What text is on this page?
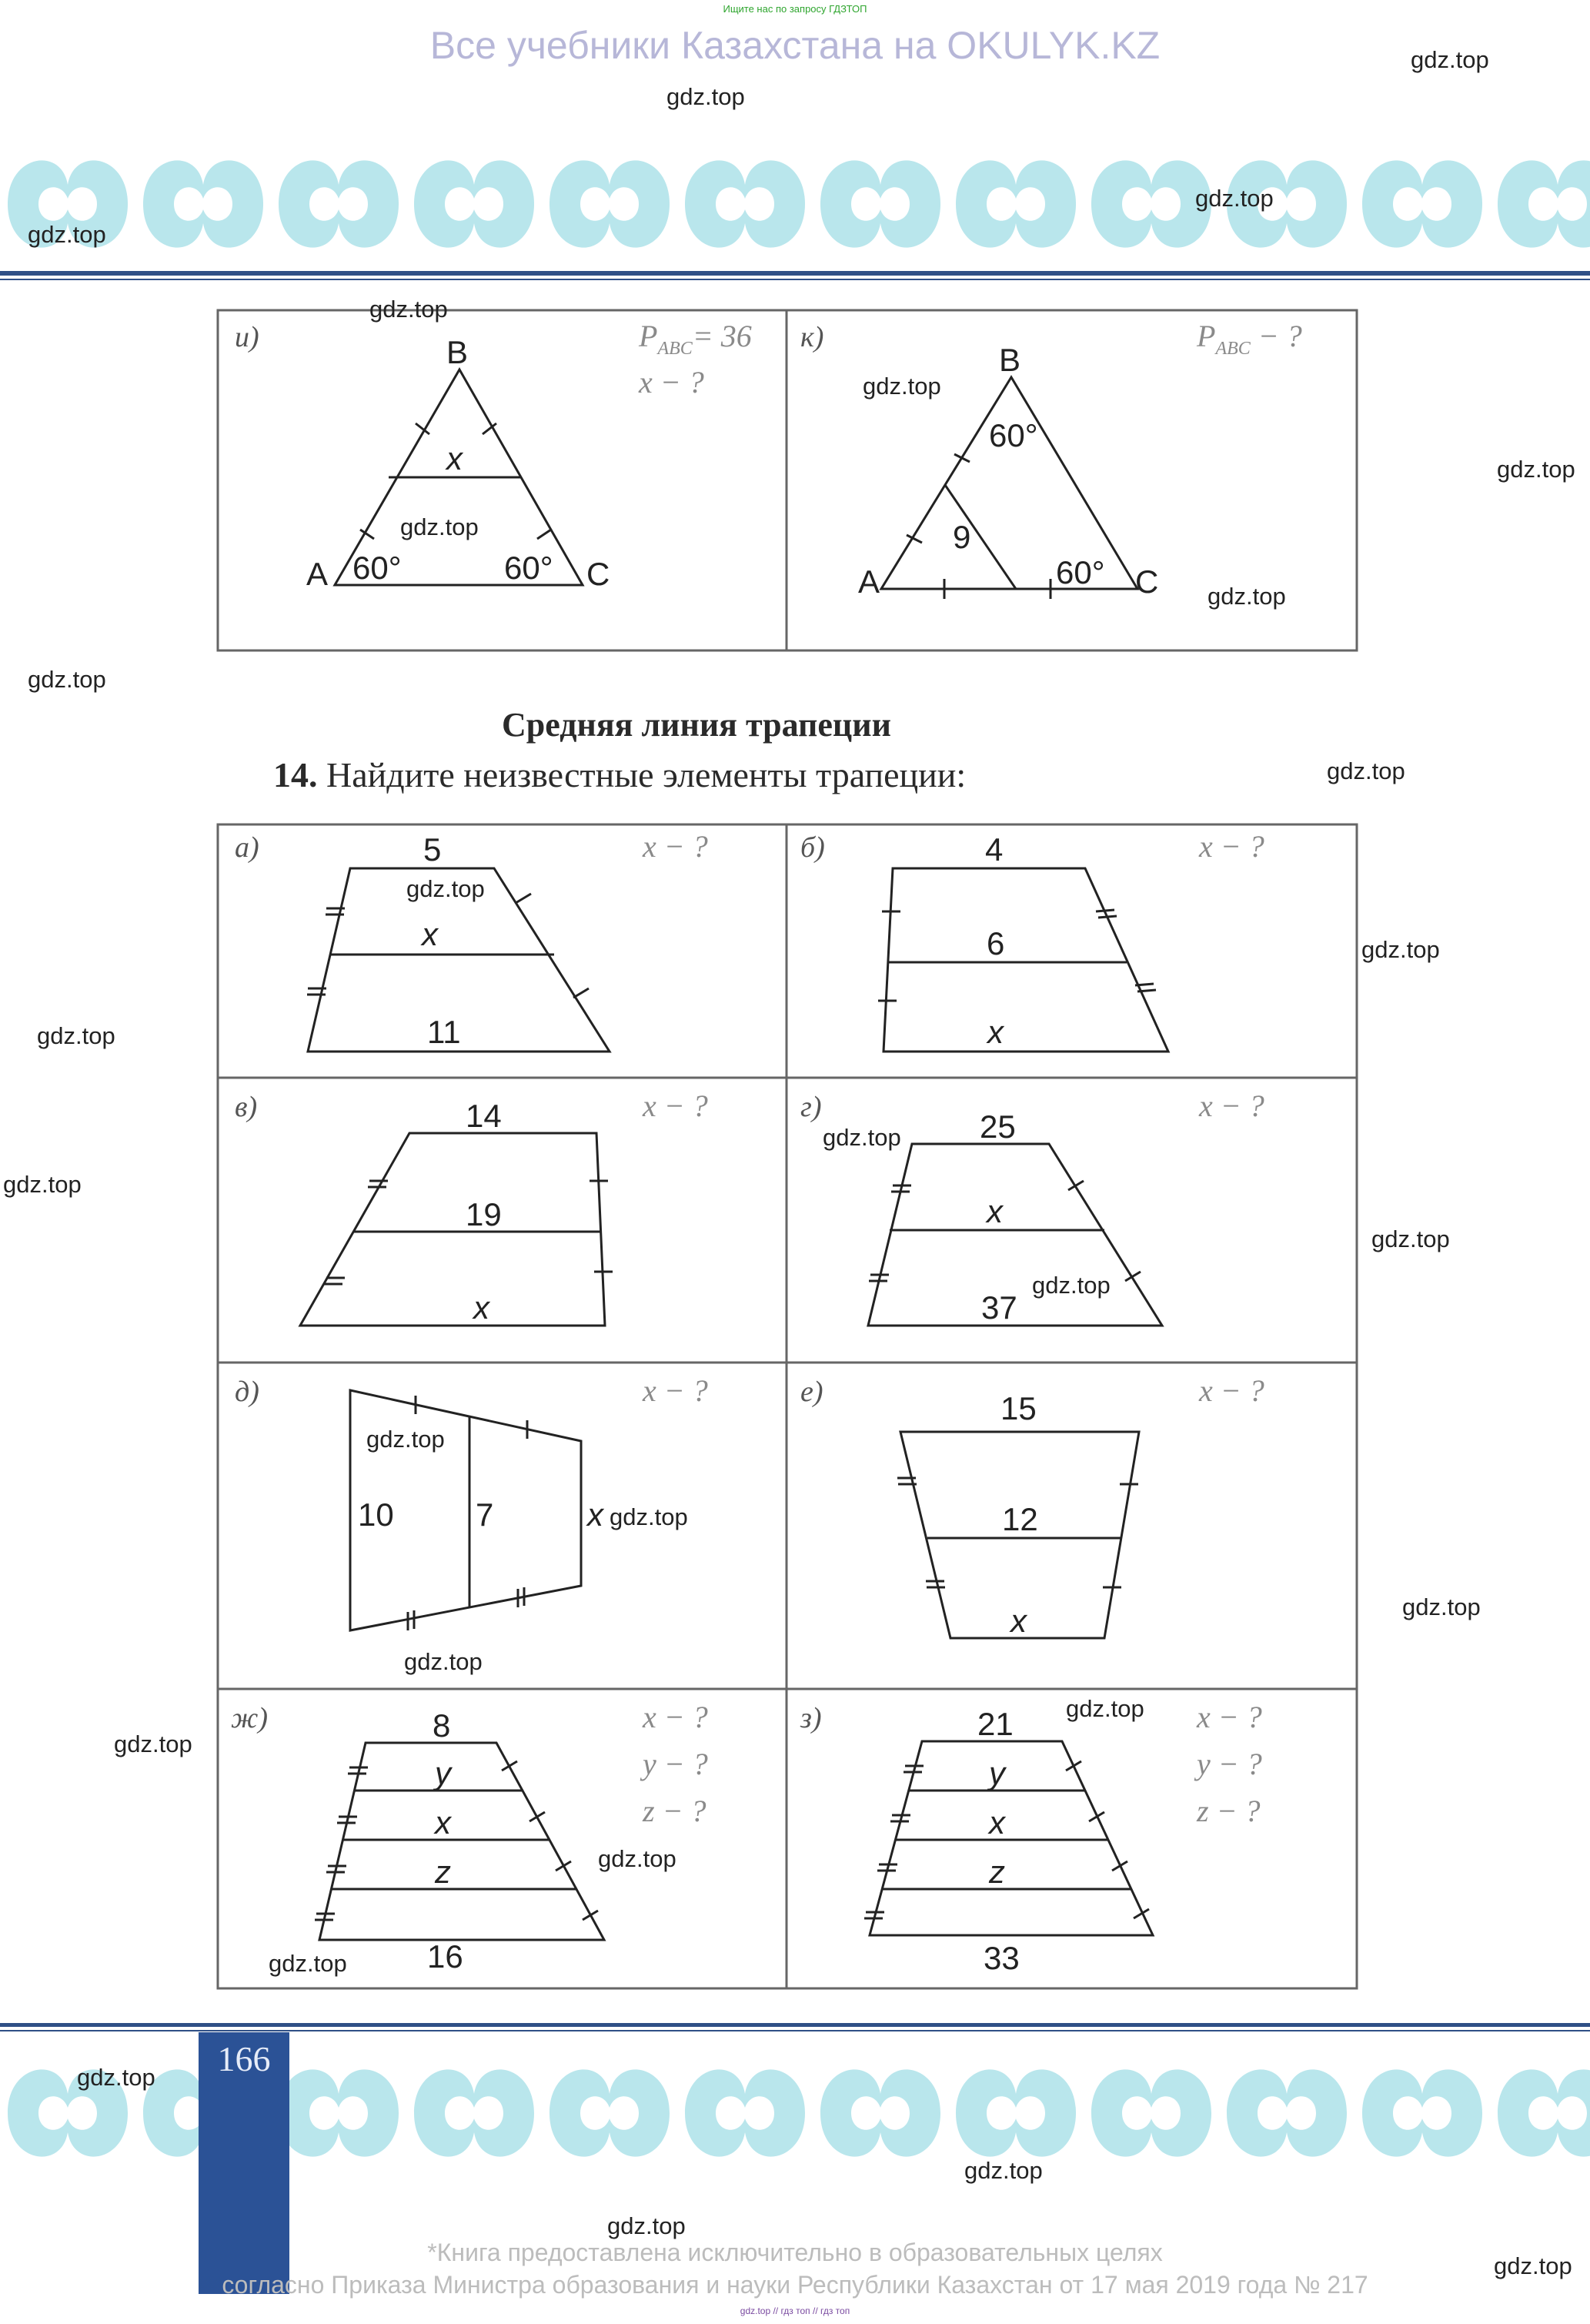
Ищите нас по запросу ГДЗТОП
Все учебники Казахстана на OKULYK.KZ
и)	$P_{ABC}= 36$
x − ?
B
A	C
x
60°	60°
к)	$P_{ABC}$ − ?
B
A	C
60°
60°
9
Средняя линия трапеции
14. Найдите неизвестные элементы трапеции:
а)	x − ?
5
x
11
б)	x − ?
4
6
x
в)	x − ?
14
19
x
г)	x − ?
25
x
37
д)	x − ?
10	7	x
е)	x − ?
15
12
x
ж)	x − ?
y − ?
z − ?
8
y
x
z
16
з)	x − ?
y − ?
z − ?
21
y
x
z
33
166
*Книга предоставлена исключительно в образовательных целях
согласно Приказа Министра образования и науки Республики Казахстан от 17 мая 2019 года № 217
gdz.top // гдз топ // гдз топ
gdz.top
gdz.top
gdz.top
gdz.top
gdz.top
gdz.top
gdz.top
gdz.top
gdz.top
gdz.top
gdz.top
gdz.top
gdz.top
gdz.top
gdz.top
gdz.top
gdz.top
gdz.top
gdz.top
gdz.top
gdz.top
gdz.top
gdz.top
gdz.top
gdz.top
gdz.top
gdz.top
gdz.top
gdz.top
gdz.top
